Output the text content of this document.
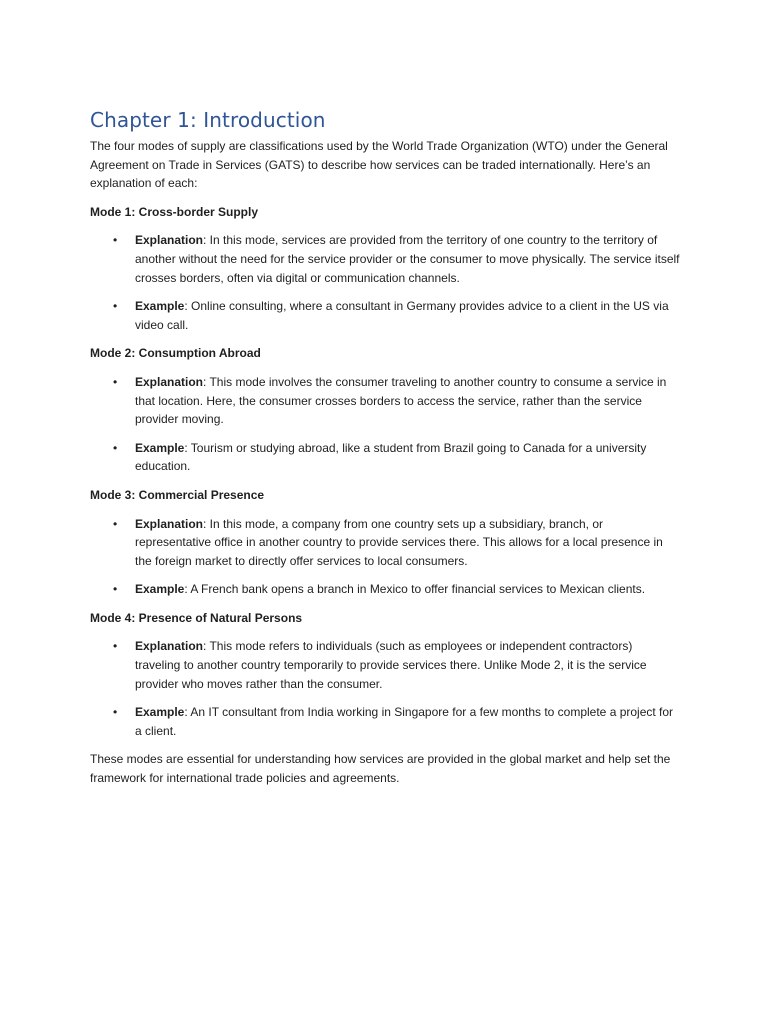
Chapter 1: Introduction

The four modes of supply are classifications used by the World Trade Organization (WTO) under the General Agreement on Trade in Services (GATS) to describe how services can be traded internationally. Here’s an explanation of each:

Mode 1: Cross-border Supply

• Explanation: In this mode, services are provided from the territory of one country to the territory of another without the need for the service provider or the consumer to move physically. The service itself crosses borders, often via digital or communication channels.
• Example: Online consulting, where a consultant in Germany provides advice to a client in the US via video call.

Mode 2: Consumption Abroad

• Explanation: This mode involves the consumer traveling to another country to consume a service in that location. Here, the consumer crosses borders to access the service, rather than the service provider moving.
• Example: Tourism or studying abroad, like a student from Brazil going to Canada for a university education.

Mode 3: Commercial Presence

• Explanation: In this mode, a company from one country sets up a subsidiary, branch, or representative office in another country to provide services there. This allows for a local presence in the foreign market to directly offer services to local consumers.
• Example: A French bank opens a branch in Mexico to offer financial services to Mexican clients.

Mode 4: Presence of Natural Persons

• Explanation: This mode refers to individuals (such as employees or independent contractors) traveling to another country temporarily to provide services there. Unlike Mode 2, it is the service provider who moves rather than the consumer.
• Example: An IT consultant from India working in Singapore for a few months to complete a project for a client.

These modes are essential for understanding how services are provided in the global market and help set the framework for international trade policies and agreements.
